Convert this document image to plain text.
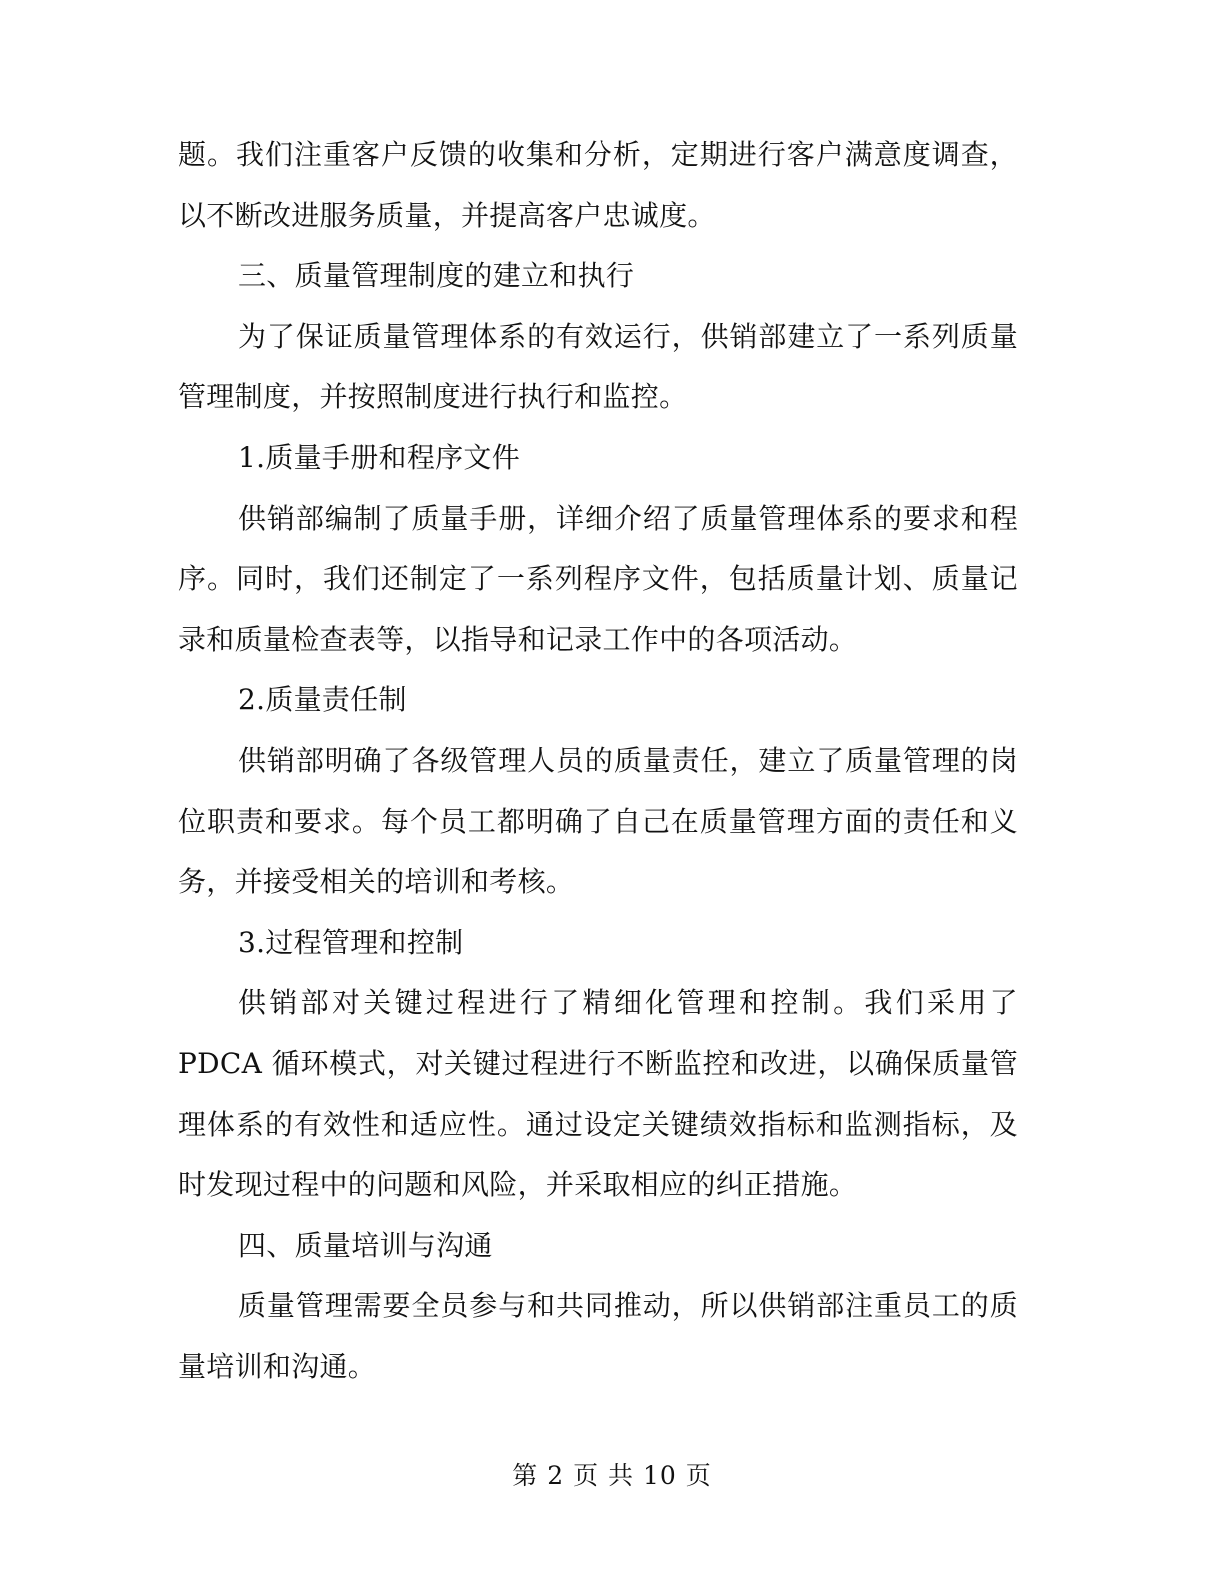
题。我们注重客户反馈的收集和分析，定期进行客户满意度调查，以不断改进服务质量，并提高客户忠诚度。

三、质量管理制度的建立和执行

为了保证质量管理体系的有效运行，供销部建立了一系列质量管理制度，并按照制度进行执行和监控。

1.质量手册和程序文件

供销部编制了质量手册，详细介绍了质量管理体系的要求和程序。同时，我们还制定了一系列程序文件，包括质量计划、质量记录和质量检查表等，以指导和记录工作中的各项活动。

2.质量责任制

供销部明确了各级管理人员的质量责任，建立了质量管理的岗位职责和要求。每个员工都明确了自己在质量管理方面的责任和义务，并接受相关的培训和考核。

3.过程管理和控制

供销部对关键过程进行了精细化管理和控制。我们采用了 PDCA 循环模式，对关键过程进行不断监控和改进，以确保质量管理体系的有效性和适应性。通过设定关键绩效指标和监测指标，及时发现过程中的问题和风险，并采取相应的纠正措施。

四、质量培训与沟通

质量管理需要全员参与和共同推动，所以供销部注重员工的质量培训和沟通。

第 2 页 共 10 页
